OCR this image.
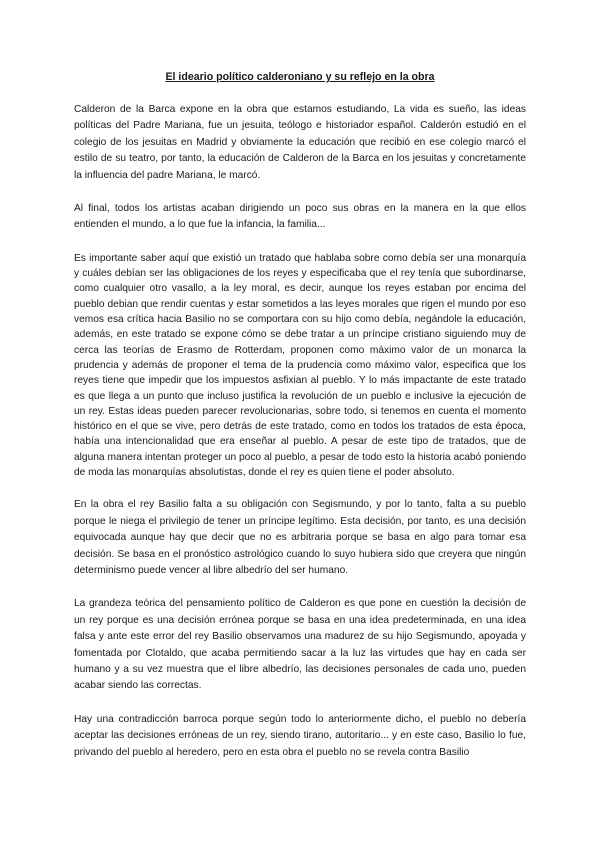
El ideario político calderoniano y su reflejo en la obra

Calderon de la Barca expone en la obra que estamos estudiando, La vida es sueño, las ideas políticas del Padre Mariana, fue un jesuita, teólogo e historiador español. Calderón estudió en el colegio de los jesuitas en Madrid y obviamente la educación que recibió en ese colegio marcó el estilo de su teatro, por tanto, la educación de Calderon de la Barca en los jesuitas y concretamente la influencia del padre Mariana, le marcó.

Al final, todos los artistas acaban dirigiendo un poco sus obras en la manera en la que ellos entienden el mundo, a lo que fue la infancia, la familia...

Es importante saber aquí que existió un tratado que hablaba sobre como debía ser una monarquía y cuáles debían ser las obligaciones de los reyes y especificaba que el rey tenía que subordinarse, como cualquier otro vasallo, a la ley moral, es decir, aunque los reyes estaban por encima del pueblo debian que rendir cuentas y estar sometidos a las leyes morales que rigen el mundo por eso vemos esa crítica hacia Basilio no se comportara con su hijo como debía, negándole la educación, además, en este tratado se expone cómo se debe tratar a un príncipe cristiano siguiendo muy de cerca las teorías de Erasmo de Rotterdam, proponen como máximo valor de un monarca la prudencia y además de proponer el tema de la prudencia como máximo valor, especifica que los reyes tiene que impedir que los impuestos asfixian al pueblo. Y lo más impactante de este tratado es que llega a un punto que incluso justifica la revolución de un pueblo e inclusive la ejecución de un rey. Estas ideas pueden parecer revolucionarias, sobre todo, si tenemos en cuenta el momento histórico en el que se vive, pero detrás de este tratado, como en todos los tratados de esta época, había una intencionalidad que era enseñar al pueblo. A pesar de este tipo de tratados, que de alguna manera intentan proteger un poco al pueblo, a pesar de todo esto la historia acabó poniendo de moda las monarquías absolutistas, donde el rey es quien tiene el poder absoluto.

En la obra el rey Basilio falta a su obligación con Segismundo, y por lo tanto, falta a su pueblo porque le niega el privilegio de tener un príncipe legítimo. Esta decisión, por tanto, es una decisión equivocada aunque hay que decir que no es arbitraria porque se basa en algo para tomar esa decisión. Se basa en el pronóstico astrológico cuando lo suyo hubiera sido que creyera que ningún determinismo puede vencer al libre albedrío del ser humano.

La grandeza teórica del pensamiento político de Calderon es que pone en cuestión la decisión de un rey porque es una decisión errónea porque se basa en una idea predeterminada, en una idea falsa y ante este error del rey Basilio observamos una madurez de su hijo Segismundo, apoyada y fomentada por Clotaldo, que acaba permitiendo sacar a la luz las virtudes que hay en cada ser humano y a su vez muestra que el libre albedrío, las decisiones personales de cada uno, pueden acabar siendo las correctas.

Hay una contradicción barroca porque según todo lo anteriormente dicho, el pueblo no debería aceptar las decisiones erróneas de un rey, siendo tirano, autoritario... y en este caso, Basilio lo fue, privando del pueblo al heredero, pero en esta obra el pueblo no se revela contra Basilio
